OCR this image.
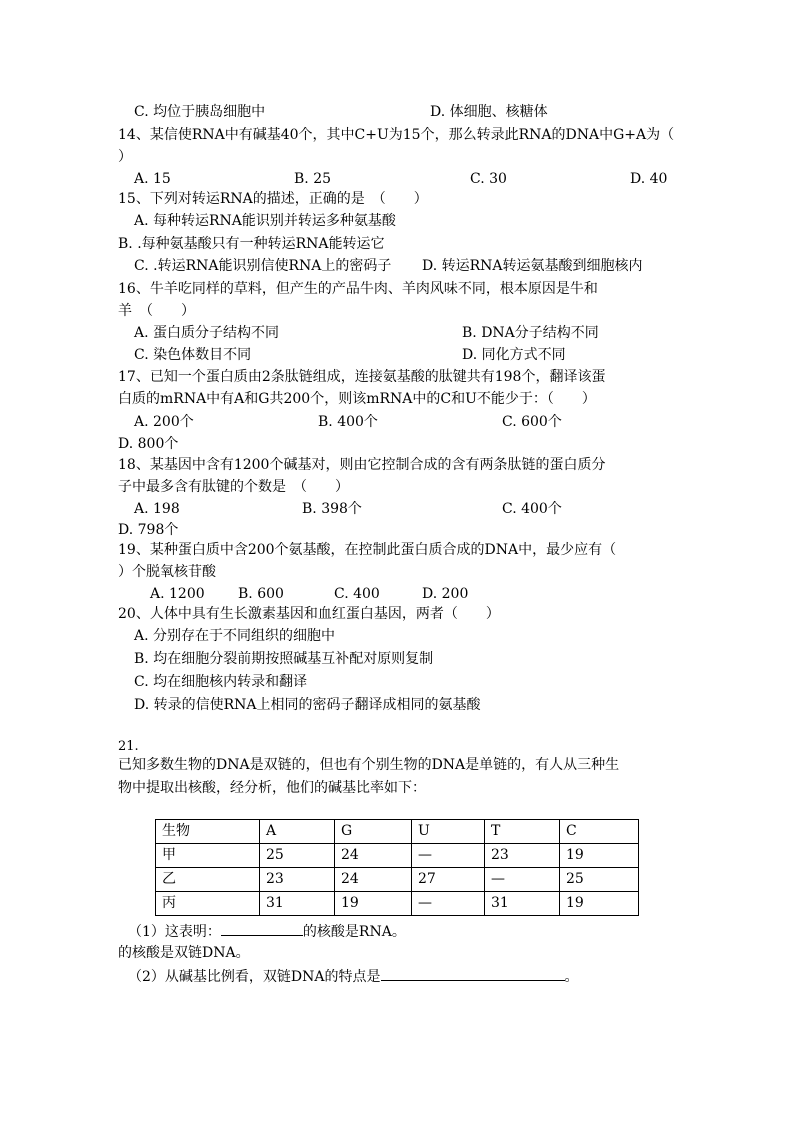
C. 均位于胰岛细胞中	D. 体细胞、核糖体
14、某信使RNA中有碱基40个，其中C+U为15个，那么转录此RNA的DNA中G+A为（
）
A. 15	B. 25	C. 30	D. 40
15、下列对转运RNA的描述，正确的是　（　　）
A. 每种转运RNA能识别并转运多种氨基酸
B. .每种氨基酸只有一种转运RNA能转运它
C. .转运RNA能识别信使RNA上的密码子 D. 转运RNA转运氨基酸到细胞核内
16、牛羊吃同样的草料，但产生的产品牛肉、羊肉风味不同，根本原因是牛和
羊　（　　）
A. 蛋白质分子结构不同	B. DNA分子结构不同
C. 染色体数目不同	D. 同化方式不同
17、已知一个蛋白质由2条肽链组成，连接氨基酸的肽键共有198个，翻译该蛋
白质的mRNA中有A和G共200个，则该mRNA中的C和U不能少于：（　　）
A. 200个	B. 400个	C. 600个
D. 800个
18、某基因中含有1200个碱基对，则由它控制合成的含有两条肽链的蛋白质分
子中最多含有肽键的个数是　（　　）
A. 198	B. 398个	C. 400个
D. 798个
19、某种蛋白质中含200个氨基酸，在控制此蛋白质合成的DNA中，最少应有（
）个脱氧核苷酸
A. 1200 B. 600	C. 400	D. 200
20、人体中具有生长激素基因和血红蛋白基因，两者（　　）
A. 分别存在于不同组织的细胞中
B. 均在细胞分裂前期按照碱基互补配对原则复制
C. 均在细胞核内转录和翻译
D. 转录的信使RNA上相同的密码子翻译成相同的氨基酸
21.
已知多数生物的DNA是双链的，但也有个别生物的DNA是单链的，有人从三种生
物中提取出核酸，经分析，他们的碱基比率如下：
生物	A	G	U	T	C
甲	25	24	—	23	19
乙	23	24	27	—	25
丙	31	19	—	31	19
（1）这表明：	的核酸是RNA。
的核酸是双链DNA。
（2）从碱基比例看，双链DNA的特点是	。
